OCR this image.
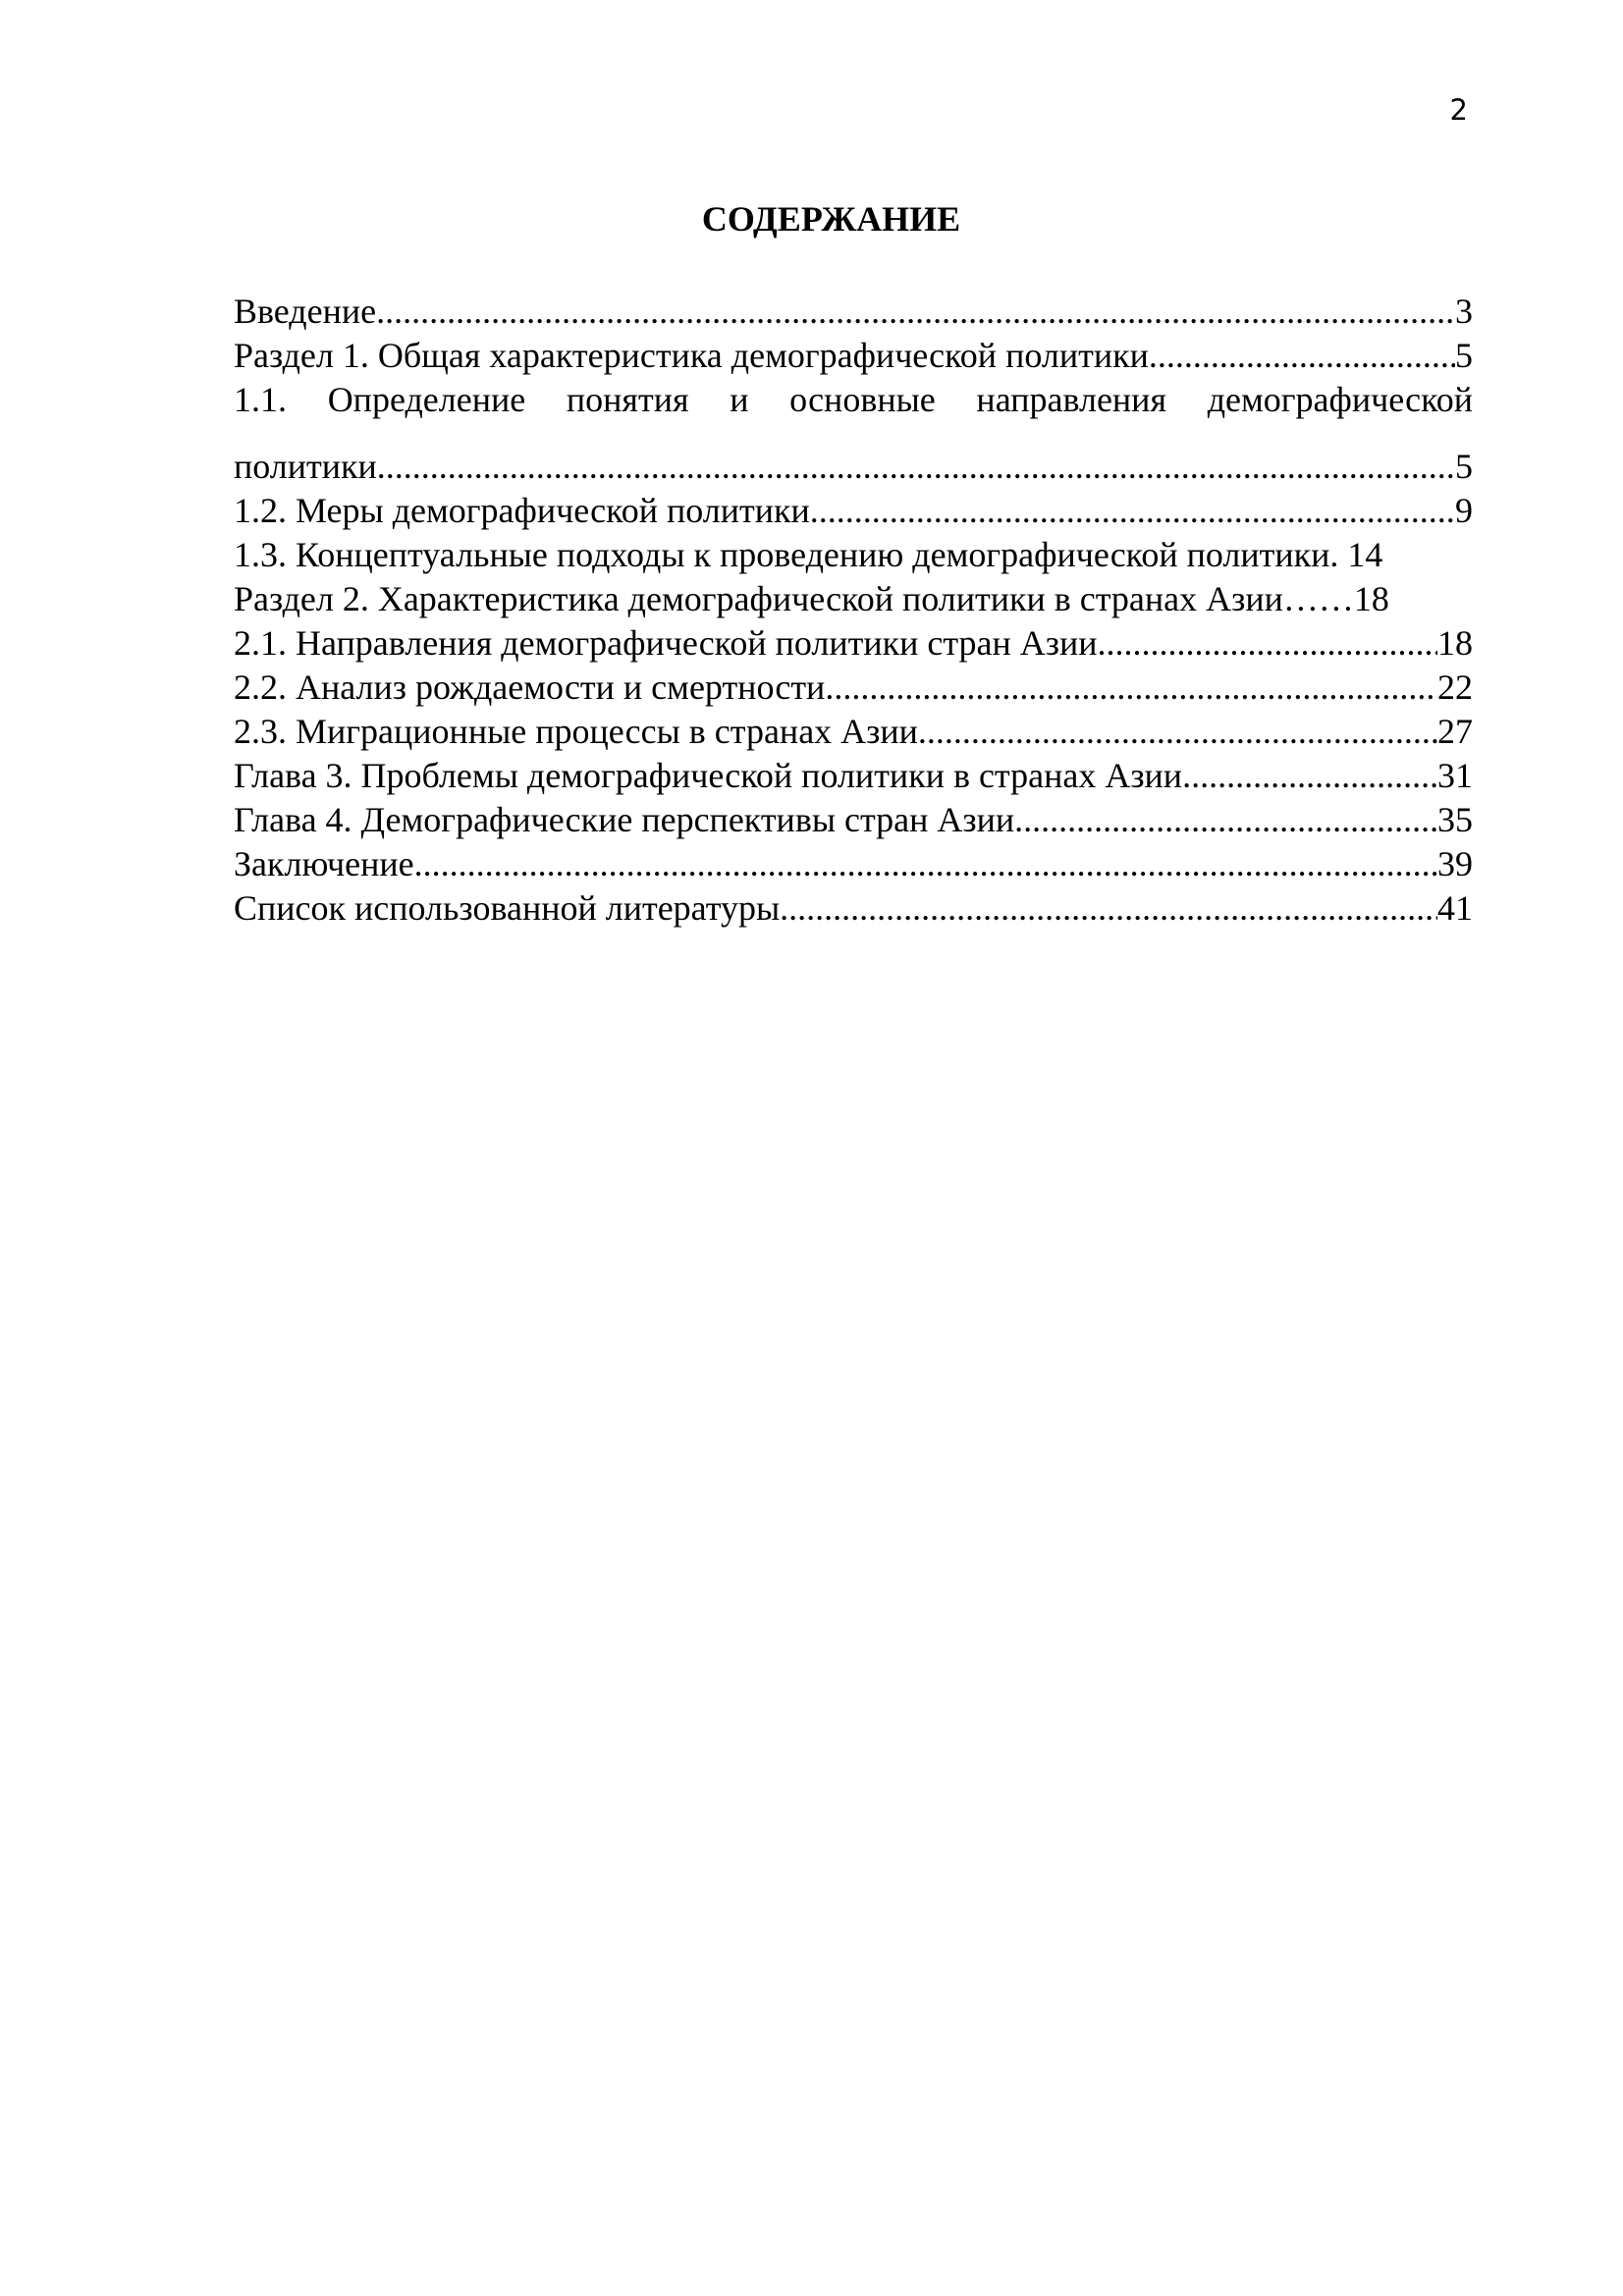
2
СОДЕРЖАНИЕ
Введение .....	3
Раздел 1. Общая характеристика демографической политики .....	5
1.1. Определение понятия и основные направления демографической
политики .....	5
1.2. Меры демографической политики .....	9
1.3. Концептуальные подходы к проведению демографической политики. 14
Раздел 2. Характеристика демографической политики в странах Азии …… 18
2.1. Направления демографической политики стран Азии .....	18
2.2. Анализ рождаемости и смертности .....	22
2.3. Миграционные процессы в странах Азии .....	27
Глава 3. Проблемы демографической политики в странах Азии .....	31
Глава 4. Демографические перспективы стран Азии .....	35
Заключение .....	39
Список использованной литературы .....	41
